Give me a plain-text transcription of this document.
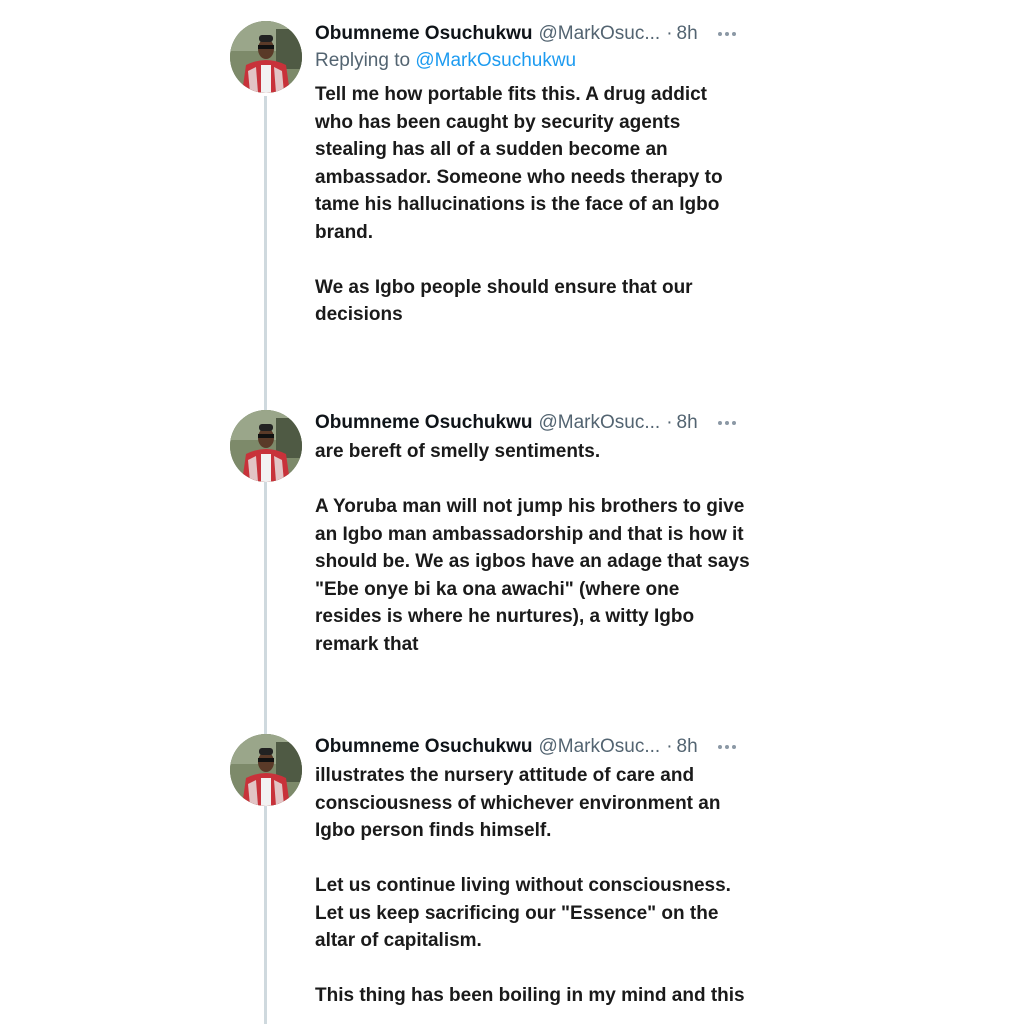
Obumneme Osuchukwu @MarkOsuc... · 8h
Replying to @MarkOsuchukwu
Tell me how portable fits this. A drug addict
who has been caught by security agents
stealing has all of a sudden become an
ambassador. Someone who needs therapy to
tame his hallucinations is the face of an Igbo
brand.

We as Igbo people should ensure that our
decisions
Obumneme Osuchukwu @MarkOsuc... · 8h
are bereft of smelly sentiments.

A Yoruba man will not jump his brothers to give
an Igbo man ambassadorship and that is how it
should be. We as igbos have an adage that says
"Ebe onye bi ka ona awachi" (where one
resides is where he nurtures), a witty Igbo
remark that
Obumneme Osuchukwu @MarkOsuc... · 8h
illustrates the nursery attitude of care and
consciousness of whichever environment an
Igbo person finds himself.

Let us continue living without consciousness.
Let us keep sacrificing our "Essence" on the
altar of capitalism.

This thing has been boiling in my mind and this
